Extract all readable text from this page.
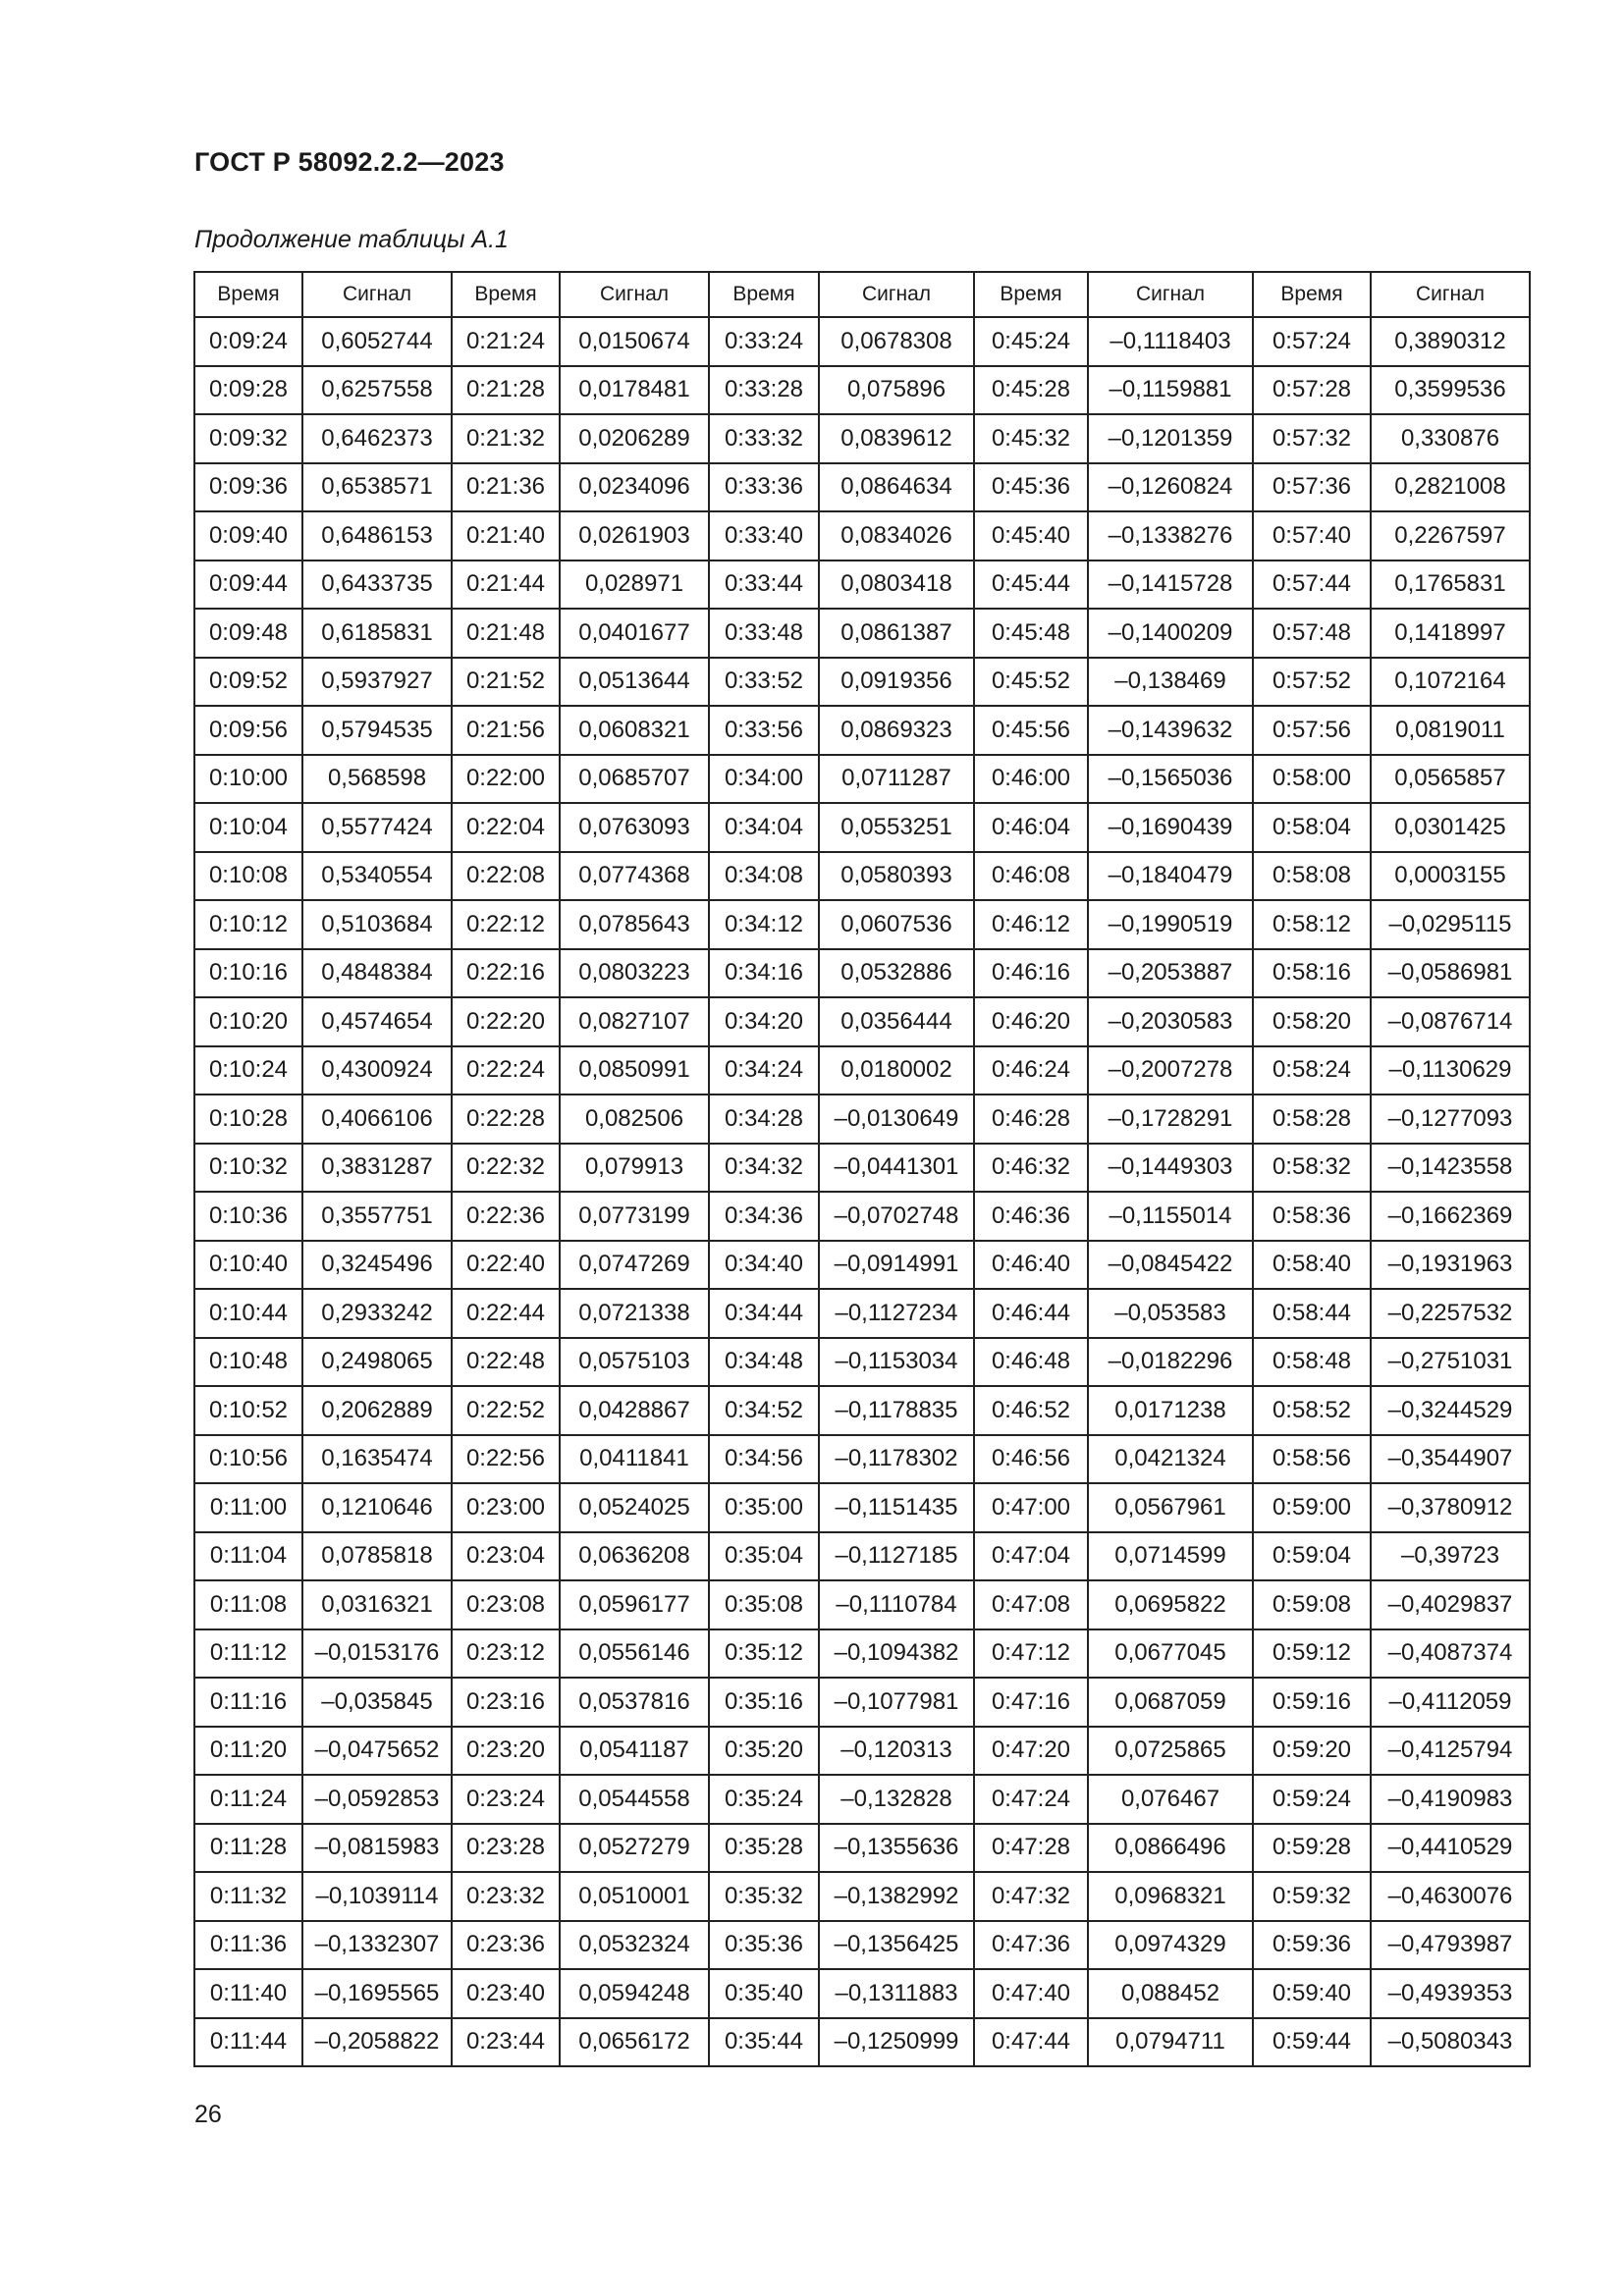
ГОСТ Р 58092.2.2—2023
Продолжение таблицы А.1
Время	Сигнал	Время	Сигнал	Время	Сигнал	Время	Сигнал	Время	Сигнал
0:09:24	0,6052744	0:21:24	0,0150674	0:33:24	0,0678308	0:45:24	–0,1118403	0:57:24	0,3890312
0:09:28	0,6257558	0:21:28	0,0178481	0:33:28	0,075896	0:45:28	–0,1159881	0:57:28	0,3599536
0:09:32	0,6462373	0:21:32	0,0206289	0:33:32	0,0839612	0:45:32	–0,1201359	0:57:32	0,330876
0:09:36	0,6538571	0:21:36	0,0234096	0:33:36	0,0864634	0:45:36	–0,1260824	0:57:36	0,2821008
0:09:40	0,6486153	0:21:40	0,0261903	0:33:40	0,0834026	0:45:40	–0,1338276	0:57:40	0,2267597
0:09:44	0,6433735	0:21:44	0,028971	0:33:44	0,0803418	0:45:44	–0,1415728	0:57:44	0,1765831
0:09:48	0,6185831	0:21:48	0,0401677	0:33:48	0,0861387	0:45:48	–0,1400209	0:57:48	0,1418997
0:09:52	0,5937927	0:21:52	0,0513644	0:33:52	0,0919356	0:45:52	–0,138469	0:57:52	0,1072164
0:09:56	0,5794535	0:21:56	0,0608321	0:33:56	0,0869323	0:45:56	–0,1439632	0:57:56	0,0819011
0:10:00	0,568598	0:22:00	0,0685707	0:34:00	0,0711287	0:46:00	–0,1565036	0:58:00	0,0565857
0:10:04	0,5577424	0:22:04	0,0763093	0:34:04	0,0553251	0:46:04	–0,1690439	0:58:04	0,0301425
0:10:08	0,5340554	0:22:08	0,0774368	0:34:08	0,0580393	0:46:08	–0,1840479	0:58:08	0,0003155
0:10:12	0,5103684	0:22:12	0,0785643	0:34:12	0,0607536	0:46:12	–0,1990519	0:58:12	–0,0295115
0:10:16	0,4848384	0:22:16	0,0803223	0:34:16	0,0532886	0:46:16	–0,2053887	0:58:16	–0,0586981
0:10:20	0,4574654	0:22:20	0,0827107	0:34:20	0,0356444	0:46:20	–0,2030583	0:58:20	–0,0876714
0:10:24	0,4300924	0:22:24	0,0850991	0:34:24	0,0180002	0:46:24	–0,2007278	0:58:24	–0,1130629
0:10:28	0,4066106	0:22:28	0,082506	0:34:28	–0,0130649	0:46:28	–0,1728291	0:58:28	–0,1277093
0:10:32	0,3831287	0:22:32	0,079913	0:34:32	–0,0441301	0:46:32	–0,1449303	0:58:32	–0,1423558
0:10:36	0,3557751	0:22:36	0,0773199	0:34:36	–0,0702748	0:46:36	–0,1155014	0:58:36	–0,1662369
0:10:40	0,3245496	0:22:40	0,0747269	0:34:40	–0,0914991	0:46:40	–0,0845422	0:58:40	–0,1931963
0:10:44	0,2933242	0:22:44	0,0721338	0:34:44	–0,1127234	0:46:44	–0,053583	0:58:44	–0,2257532
0:10:48	0,2498065	0:22:48	0,0575103	0:34:48	–0,1153034	0:46:48	–0,0182296	0:58:48	–0,2751031
0:10:52	0,2062889	0:22:52	0,0428867	0:34:52	–0,1178835	0:46:52	0,0171238	0:58:52	–0,3244529
0:10:56	0,1635474	0:22:56	0,0411841	0:34:56	–0,1178302	0:46:56	0,0421324	0:58:56	–0,3544907
0:11:00	0,1210646	0:23:00	0,0524025	0:35:00	–0,1151435	0:47:00	0,0567961	0:59:00	–0,3780912
0:11:04	0,0785818	0:23:04	0,0636208	0:35:04	–0,1127185	0:47:04	0,0714599	0:59:04	–0,39723
0:11:08	0,0316321	0:23:08	0,0596177	0:35:08	–0,1110784	0:47:08	0,0695822	0:59:08	–0,4029837
0:11:12	–0,0153176	0:23:12	0,0556146	0:35:12	–0,1094382	0:47:12	0,0677045	0:59:12	–0,4087374
0:11:16	–0,035845	0:23:16	0,0537816	0:35:16	–0,1077981	0:47:16	0,0687059	0:59:16	–0,4112059
0:11:20	–0,0475652	0:23:20	0,0541187	0:35:20	–0,120313	0:47:20	0,0725865	0:59:20	–0,4125794
0:11:24	–0,0592853	0:23:24	0,0544558	0:35:24	–0,132828	0:47:24	0,076467	0:59:24	–0,4190983
0:11:28	–0,0815983	0:23:28	0,0527279	0:35:28	–0,1355636	0:47:28	0,0866496	0:59:28	–0,4410529
0:11:32	–0,1039114	0:23:32	0,0510001	0:35:32	–0,1382992	0:47:32	0,0968321	0:59:32	–0,4630076
0:11:36	–0,1332307	0:23:36	0,0532324	0:35:36	–0,1356425	0:47:36	0,0974329	0:59:36	–0,4793987
0:11:40	–0,1695565	0:23:40	0,0594248	0:35:40	–0,1311883	0:47:40	0,088452	0:59:40	–0,4939353
0:11:44	–0,2058822	0:23:44	0,0656172	0:35:44	–0,1250999	0:47:44	0,0794711	0:59:44	–0,5080343
26
